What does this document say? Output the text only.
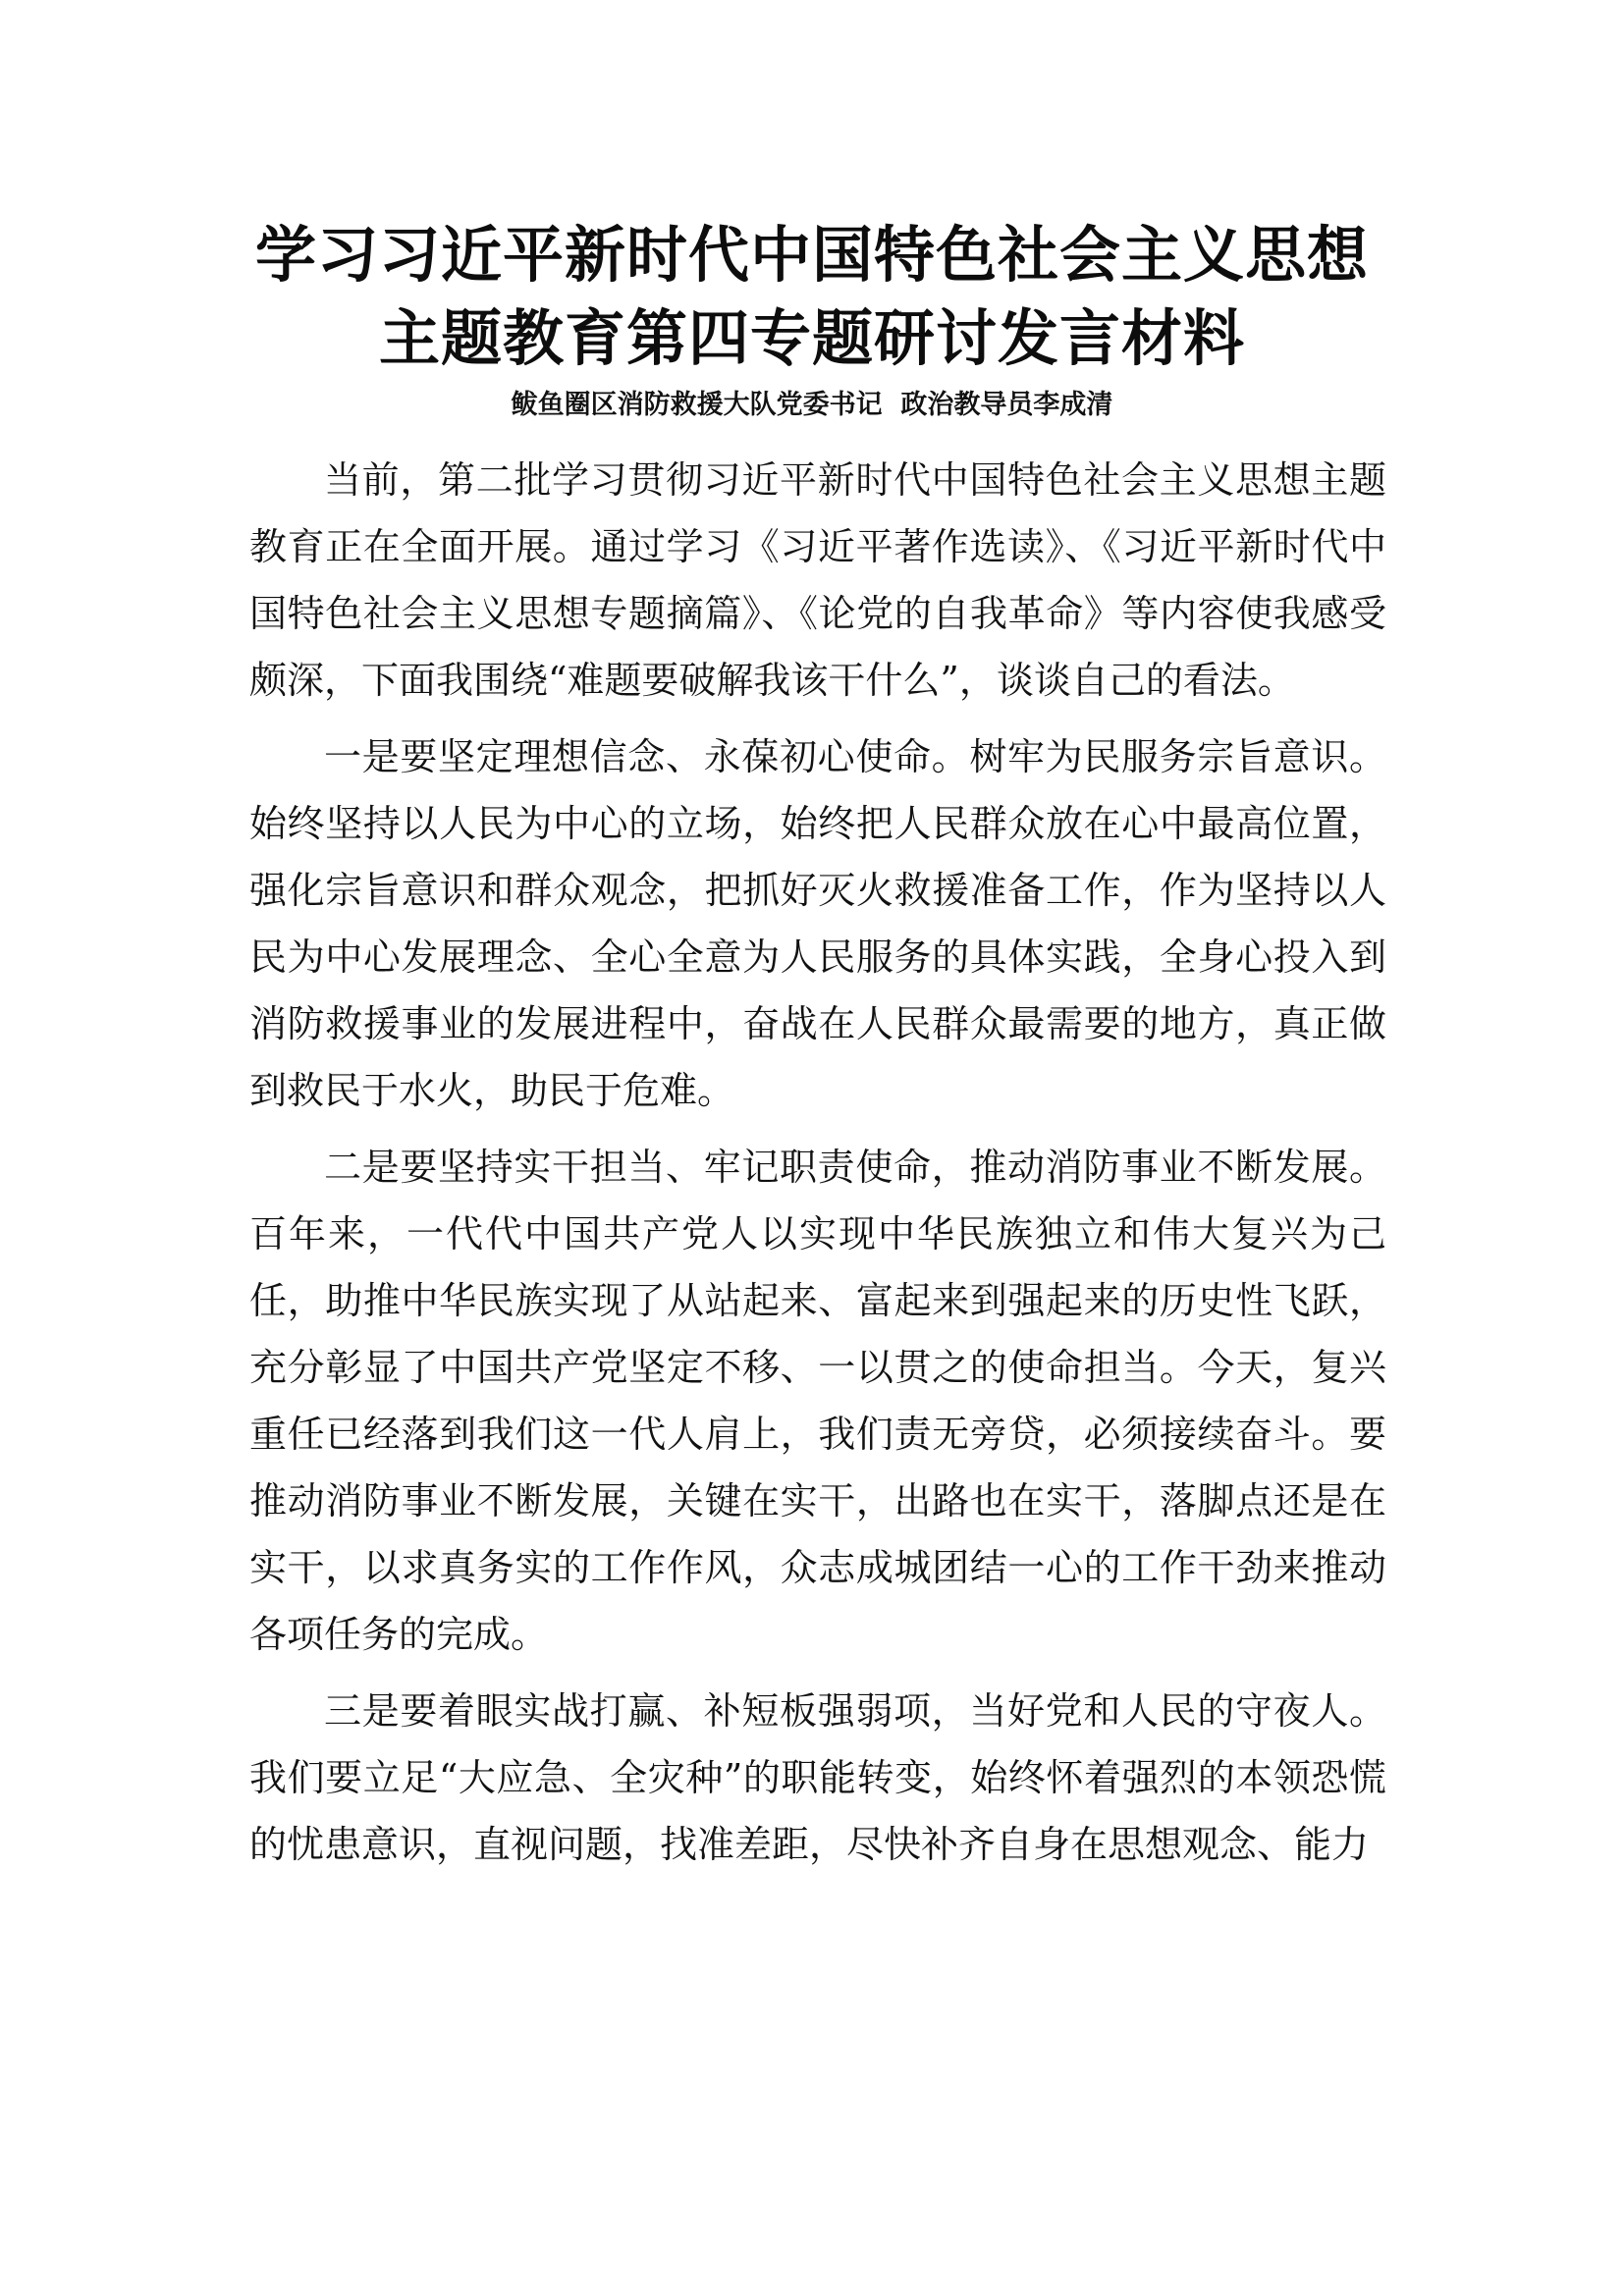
学习习近平新时代中国特色社会主义思想
主题教育第四专题研讨发言材料
鲅鱼圈区消防救援大队党委书记  政治教导员李成清

当前，第二批学习贯彻习近平新时代中国特色社会主义思想主题教育正在全面开展。通过学习《习近平著作选读》、《习近平新时代中国特色社会主义思想专题摘篇》、《论党的自我革命》等内容使我感受颇深，下面我围绕“难题要破解我该干什么”，谈谈自己的看法。

一是要坚定理想信念、永葆初心使命。树牢为民服务宗旨意识。始终坚持以人民为中心的立场，始终把人民群众放在心中最高位置，强化宗旨意识和群众观念，把抓好灭火救援准备工作，作为坚持以人民为中心发展理念、全心全意为人民服务的具体实践，全身心投入到消防救援事业的发展进程中，奋战在人民群众最需要的地方，真正做到救民于水火，助民于危难。

二是要坚持实干担当、牢记职责使命，推动消防事业不断发展。百年来，一代代中国共产党人以实现中华民族独立和伟大复兴为己任，助推中华民族实现了从站起来、富起来到强起来的历史性飞跃，充分彰显了中国共产党坚定不移、一以贯之的使命担当。今天，复兴重任已经落到我们这一代人肩上，我们责无旁贷，必须接续奋斗。要推动消防事业不断发展，关键在实干，出路也在实干，落脚点还是在实干，以求真务实的工作作风，众志成城团结一心的工作干劲来推动各项任务的完成。

三是要着眼实战打赢、补短板强弱项，当好党和人民的守夜人。我们要立足“大应急、全灾种”的职能转变，始终怀着强烈的本领恐慌的忧患意识，直视问题，找准差距，尽快补齐自身在思想观念、能力
